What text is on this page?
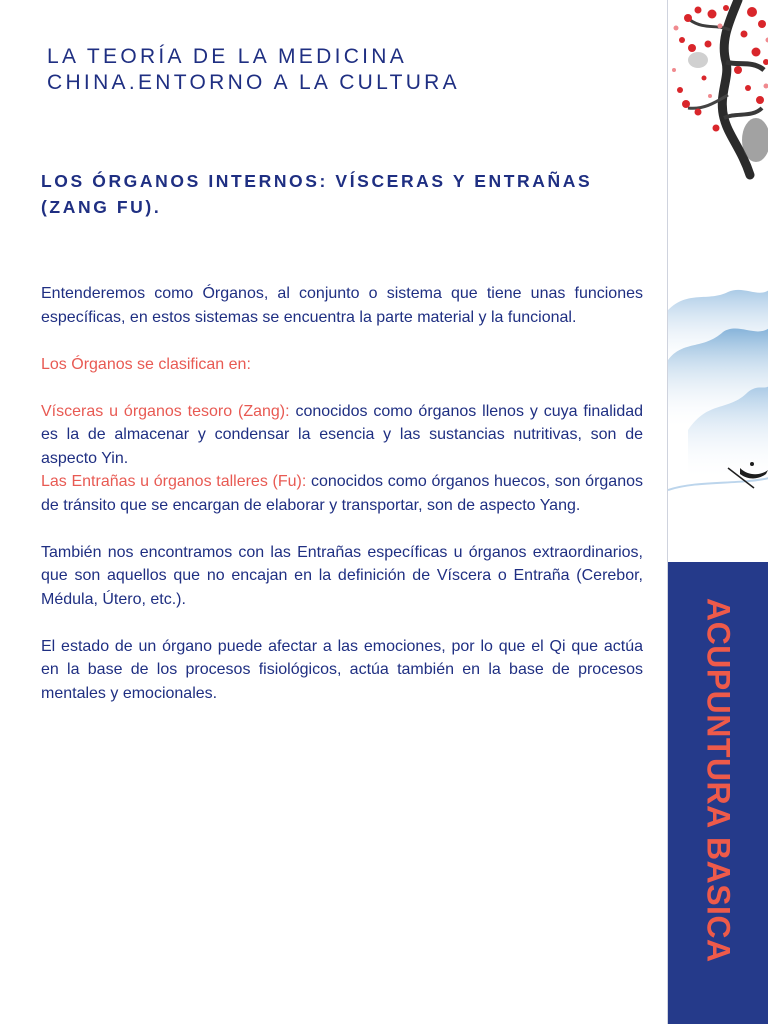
LA TEORÍA DE LA MEDICINA
CHINA.ENTORNO A LA CULTURA
LOS ÓRGANOS INTERNOS: VÍSCERAS Y ENTRAÑAS
(ZANG FU).

Entenderemos como Órganos, al conjunto o sistema que tiene unas funciones específicas, en estos sistemas se encuentra la parte material y la funcional.

Los Órganos se clasifican en:

Vísceras u órganos tesoro (Zang): conocidos como órganos llenos y cuya finalidad es la de almacenar y condensar la esencia y las sustancias nutritivas, son de aspecto Yin.

Las Entrañas u órganos talleres (Fu): conocidos como órganos huecos, son órganos de tránsito que se encargan de elaborar y transportar, son de aspecto Yang.

También nos encontramos con las Entrañas específicas u órganos extraordinarios, que son aquellos que no encajan en la definición de Víscera o Entraña (Cerebor, Médula, Útero, etc.).

El estado de un órgano puede afectar a las emociones, por lo que el Qi que actúa en la base de los procesos fisiológicos, actúa también en la base de procesos mentales y emocionales.	ACUPUNTURA BASICA
